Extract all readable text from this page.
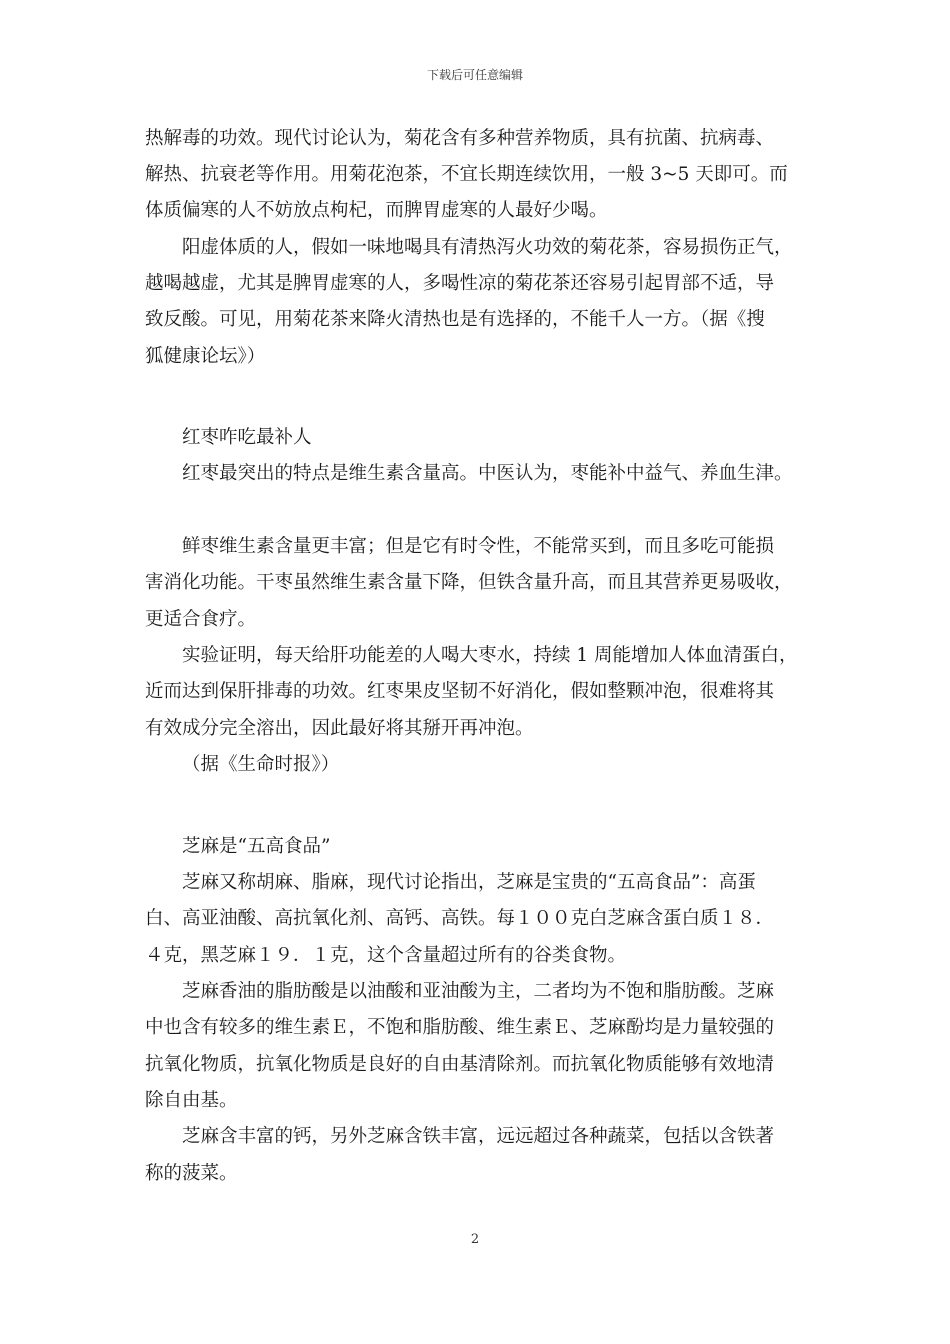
下载后可任意编辑
热解毒的功效。现代讨论认为，菊花含有多种营养物质，具有抗菌、抗病毒、
解热、抗衰老等作用。用菊花泡茶，不宜长期连续饮用，一般 3~5 天即可。而
体质偏寒的人不妨放点枸杞，而脾胃虚寒的人最好少喝。
阳虚体质的人，假如一味地喝具有清热泻火功效的菊花茶，容易损伤正气，
越喝越虚，尤其是脾胃虚寒的人，多喝性凉的菊花茶还容易引起胃部不适，导
致反酸。可见，用菊花茶来降火清热也是有选择的，不能千人一方。（据《搜
狐健康论坛》）
红枣咋吃最补人
红枣最突出的特点是维生素含量高。中医认为，枣能补中益气、养血生津。
鲜枣维生素含量更丰富；但是它有时令性，不能常买到，而且多吃可能损
害消化功能。干枣虽然维生素含量下降，但铁含量升高，而且其营养更易吸收，
更适合食疗。
实验证明，每天给肝功能差的人喝大枣水，持续 1 周能增加人体血清蛋白，
近而达到保肝排毒的功效。红枣果皮坚韧不好消化，假如整颗冲泡，很难将其
有效成分完全溶出，因此最好将其掰开再冲泡。
（据《生命时报》）
芝麻是“五高食品”
芝麻又称胡麻、脂麻，现代讨论指出，芝麻是宝贵的“五高食品”：高蛋
白、高亚油酸、高抗氧化剂、高钙、高铁。每１００克白芝麻含蛋白质１８．
４克，黑芝麻１９．１克，这个含量超过所有的谷类食物。
芝麻香油的脂肪酸是以油酸和亚油酸为主，二者均为不饱和脂肪酸。芝麻
中也含有较多的维生素Ｅ，不饱和脂肪酸、维生素Ｅ、芝麻酚均是力量较强的
抗氧化物质，抗氧化物质是良好的自由基清除剂。而抗氧化物质能够有效地清
除自由基。
芝麻含丰富的钙，另外芝麻含铁丰富，远远超过各种蔬菜，包括以含铁著
称的菠菜。
2
